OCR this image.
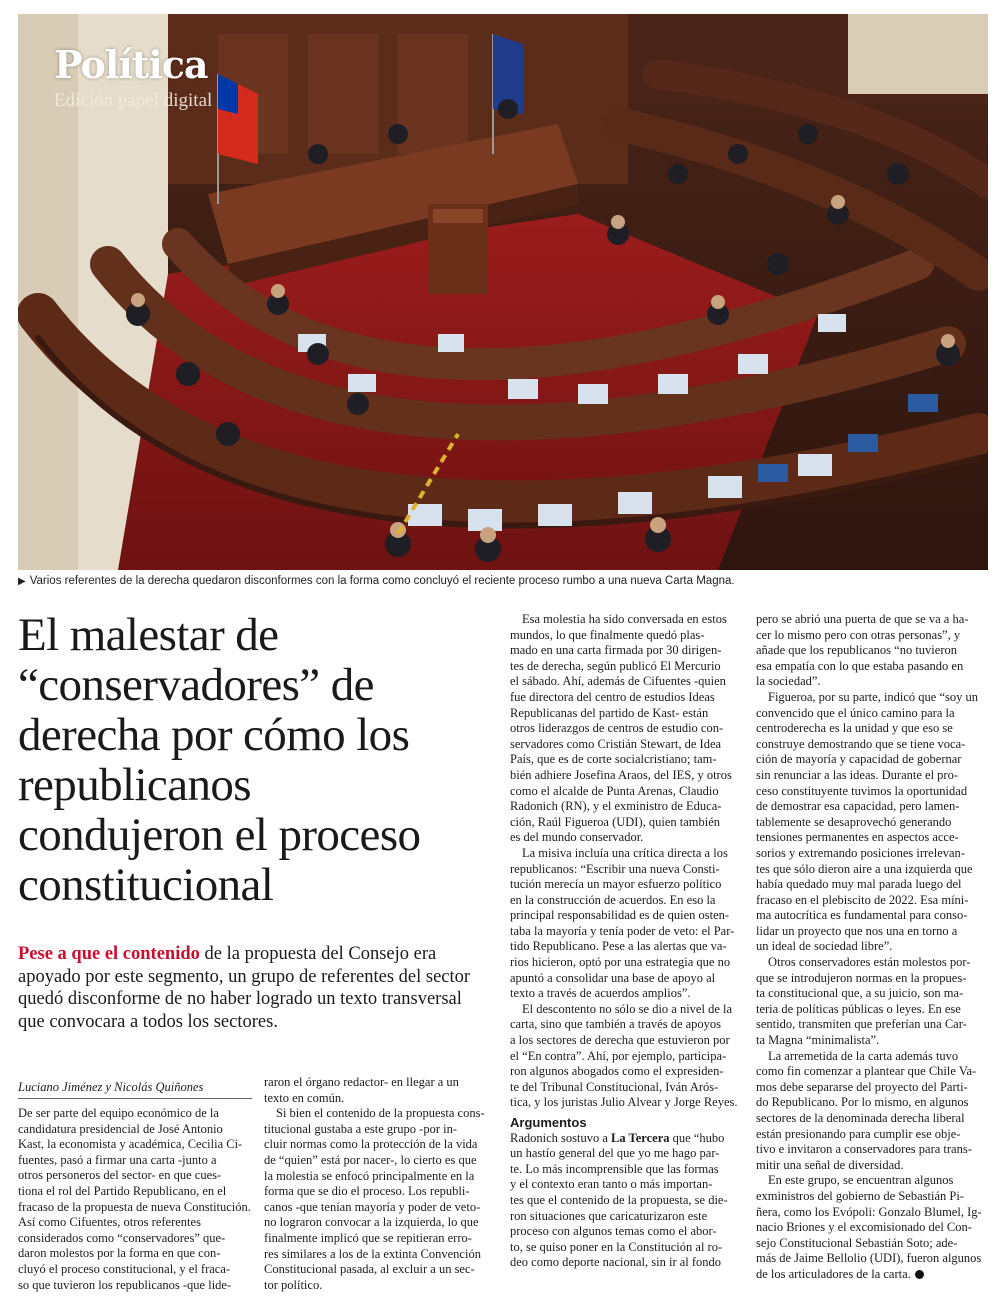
Política
Edición papel digital
▶ Varios referentes de la derecha quedaron disconformes con la forma como concluyó el reciente proceso rumbo a una nueva Carta Magna.
El malestar de
“conservadores” de
derecha por cómo los
republicanos
condujeron el proceso
constitucional
Pese a que el contenido de la propuesta del Consejo era
apoyado por este segmento, un grupo de referentes del sector
quedó disconforme de no haber logrado un texto transversal
que convocara a todos los sectores.
Luciano Jiménez y Nicolás Quiñones
De ser parte del equipo económico de la
candidatura presidencial de José Antonio
Kast, la economista y académica, Cecilia Ci-
fuentes, pasó a firmar una carta -junto a
otros personeros del sector- en que cues-
tiona el rol del Partido Republicano, en el
fracaso de la propuesta de nueva Constitución.
Así como Cifuentes, otros referentes
considerados como “conservadores” que-
daron molestos por la forma en que con-
cluyó el proceso constitucional, y el fraca-
so que tuvieron los republicanos -que lide-
raron el órgano redactor- en llegar a un
texto en común.
Si bien el contenido de la propuesta cons-
titucional gustaba a este grupo -por in-
cluir normas como la protección de la vida
de “quien” está por nacer-, lo cierto es que
la molestia se enfocó principalmente en la
forma que se dio el proceso. Los republi-
canos -que tenían mayoría y poder de veto-
no lograron convocar a la izquierda, lo que
finalmente implicó que se repitieran erro-
res similares a los de la extinta Convención
Constitucional pasada, al excluir a un sec-
tor político.
Esa molestia ha sido conversada en estos
mundos, lo que finalmente quedó plas-
mado en una carta firmada por 30 dirigen-
tes de derecha, según publicó El Mercurio
el sábado. Ahí, además de Cifuentes -quien
fue directora del centro de estudios Ideas
Republicanas del partido de Kast- están
otros liderazgos de centros de estudio con-
servadores como Cristián Stewart, de Idea
País, que es de corte socialcristiano; tam-
bién adhiere Josefina Araos, del IES, y otros
como el alcalde de Punta Arenas, Claudio
Radonich (RN), y el exministro de Educa-
ción, Raúl Figueroa (UDI), quien también
es del mundo conservador.
La misiva incluía una crítica directa a los
republicanos: “Escribir una nueva Consti-
tución merecía un mayor esfuerzo político
en la construcción de acuerdos. En eso la
principal responsabilidad es de quien osten-
taba la mayoría y tenía poder de veto: el Par-
tido Republicano. Pese a las alertas que va-
rios hicieron, optó por una estrategia que no
apuntó a consolidar una base de apoyo al
texto a través de acuerdos amplios”.
El descontento no sólo se dio a nivel de la
carta, sino que también a través de apoyos
a los sectores de derecha que estuvieron por
el “En contra”. Ahí, por ejemplo, participa-
ron algunos abogados como el expresiden-
te del Tribunal Constitucional, Iván Arós-
tica, y los juristas Julio Alvear y Jorge Reyes.
Argumentos
Radonich sostuvo a La Tercera que “hubo
un hastío general del que yo me hago par-
te. Lo más incomprensible que las formas
y el contexto eran tanto o más importan-
tes que el contenido de la propuesta, se die-
ron situaciones que caricaturizaron este
proceso con algunos temas como el abor-
to, se quiso poner en la Constitución al ro-
deo como deporte nacional, sin ir al fondo
pero se abrió una puerta de que se va a ha-
cer lo mismo pero con otras personas”, y
añade que los republicanos “no tuvieron
esa empatía con lo que estaba pasando en
la sociedad”.
Figueroa, por su parte, indicó que “soy un
convencido que el único camino para la
centroderecha es la unidad y que eso se
construye demostrando que se tiene voca-
ción de mayoría y capacidad de gobernar
sin renunciar a las ideas. Durante el pro-
ceso constituyente tuvimos la oportunidad
de demostrar esa capacidad, pero lamen-
tablemente se desaprovechó generando
tensiones permanentes en aspectos acce-
sorios y extremando posiciones irrelevan-
tes que sólo dieron aire a una izquierda que
había quedado muy mal parada luego del
fracaso en el plebiscito de 2022. Esa míni-
ma autocrítica es fundamental para conso-
lidar un proyecto que nos una en torno a
un ideal de sociedad libre”.
Otros conservadores están molestos por-
que se introdujeron normas en la propues-
ta constitucional que, a su juicio, son ma-
teria de políticas públicas o leyes. En ese
sentido, transmiten que preferían una Car-
ta Magna “minimalista”.
La arremetida de la carta además tuvo
como fin comenzar a plantear que Chile Va-
mos debe separarse del proyecto del Parti-
do Republicano. Por lo mismo, en algunos
sectores de la denominada derecha liberal
están presionando para cumplir ese obje-
tivo e invitaron a conservadores para trans-
mitir una señal de diversidad.
En este grupo, se encuentran algunos
exministros del gobierno de Sebastián Pi-
ñera, como los Evópoli: Gonzalo Blumel, Ig-
nacio Briones y el excomisionado del Con-
sejo Constitucional Sebastián Soto; ade-
más de Jaime Bellolio (UDI), fueron algunos
de los articuladores de la carta.
